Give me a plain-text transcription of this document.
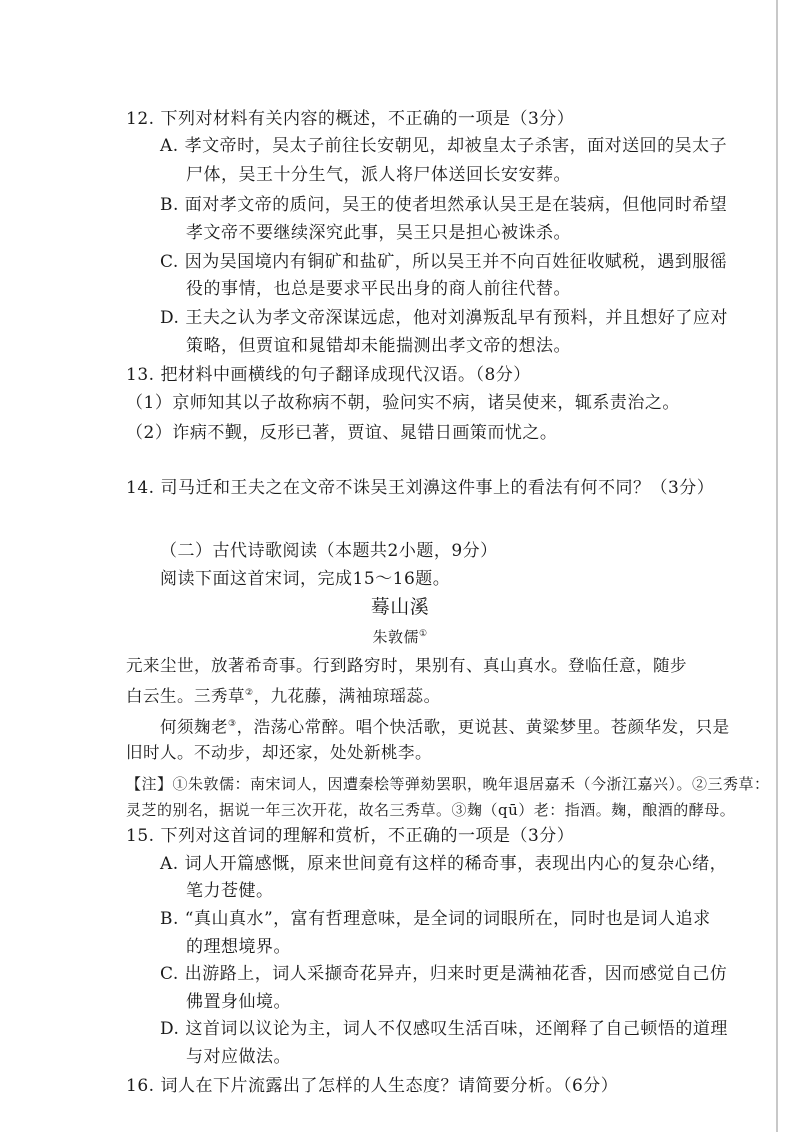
12. 下列对材料有关内容的概述，不正确的一项是（3分）
A. 孝文帝时，吴太子前往长安朝见，却被皇太子杀害，面对送回的吴太子
尸体，吴王十分生气，派人将尸体送回长安安葬。
B. 面对孝文帝的质问，吴王的使者坦然承认吴王是在装病，但他同时希望
孝文帝不要继续深究此事，吴王只是担心被诛杀。
C. 因为吴国境内有铜矿和盐矿，所以吴王并不向百姓征收赋税，遇到服徭
役的事情，也总是要求平民出身的商人前往代替。
D. 王夫之认为孝文帝深谋远虑，他对刘濞叛乱早有预料，并且想好了应对
策略，但贾谊和晁错却未能揣测出孝文帝的想法。
13. 把材料中画横线的句子翻译成现代汉语。（8分）
（1）京师知其以子故称病不朝，验问实不病，诸吴使来，辄系责治之。
（2）诈病不觐，反形已著，贾谊、晁错日画策而忧之。
14. 司马迁和王夫之在文帝不诛吴王刘濞这件事上的看法有何不同？（3分）
（二）古代诗歌阅读（本题共2小题，9分）
阅读下面这首宋词，完成15～16题。
蓦山溪
朱敦儒①
元来尘世，放著希奇事。行到路穷时，果别有、真山真水。登临任意，随步
白云生。三秀草②，九花藤，满袖琼瑶蕊。
何须麹老③，浩荡心常醉。唱个快活歌，更说甚、黄粱梦里。苍颜华发，只是
旧时人。不动步，却还家，处处新桃李。
【注】①朱敦儒：南宋词人，因遭秦桧等弹劾罢职，晚年退居嘉禾（今浙江嘉兴）。②三秀草：
灵芝的别名，据说一年三次开花，故名三秀草。③麹（qū）老：指酒。麹，酿酒的酵母。
15. 下列对这首词的理解和赏析，不正确的一项是（3分）
A. 词人开篇感慨，原来世间竟有这样的稀奇事，表现出内心的复杂心绪，
笔力苍健。
B. “真山真水”，富有哲理意味，是全词的词眼所在，同时也是词人追求
的理想境界。
C. 出游路上，词人采撷奇花异卉，归来时更是满袖花香，因而感觉自己仿
佛置身仙境。
D. 这首词以议论为主，词人不仅感叹生活百味，还阐释了自己顿悟的道理
与对应做法。
16. 词人在下片流露出了怎样的人生态度？请简要分析。（6分）
